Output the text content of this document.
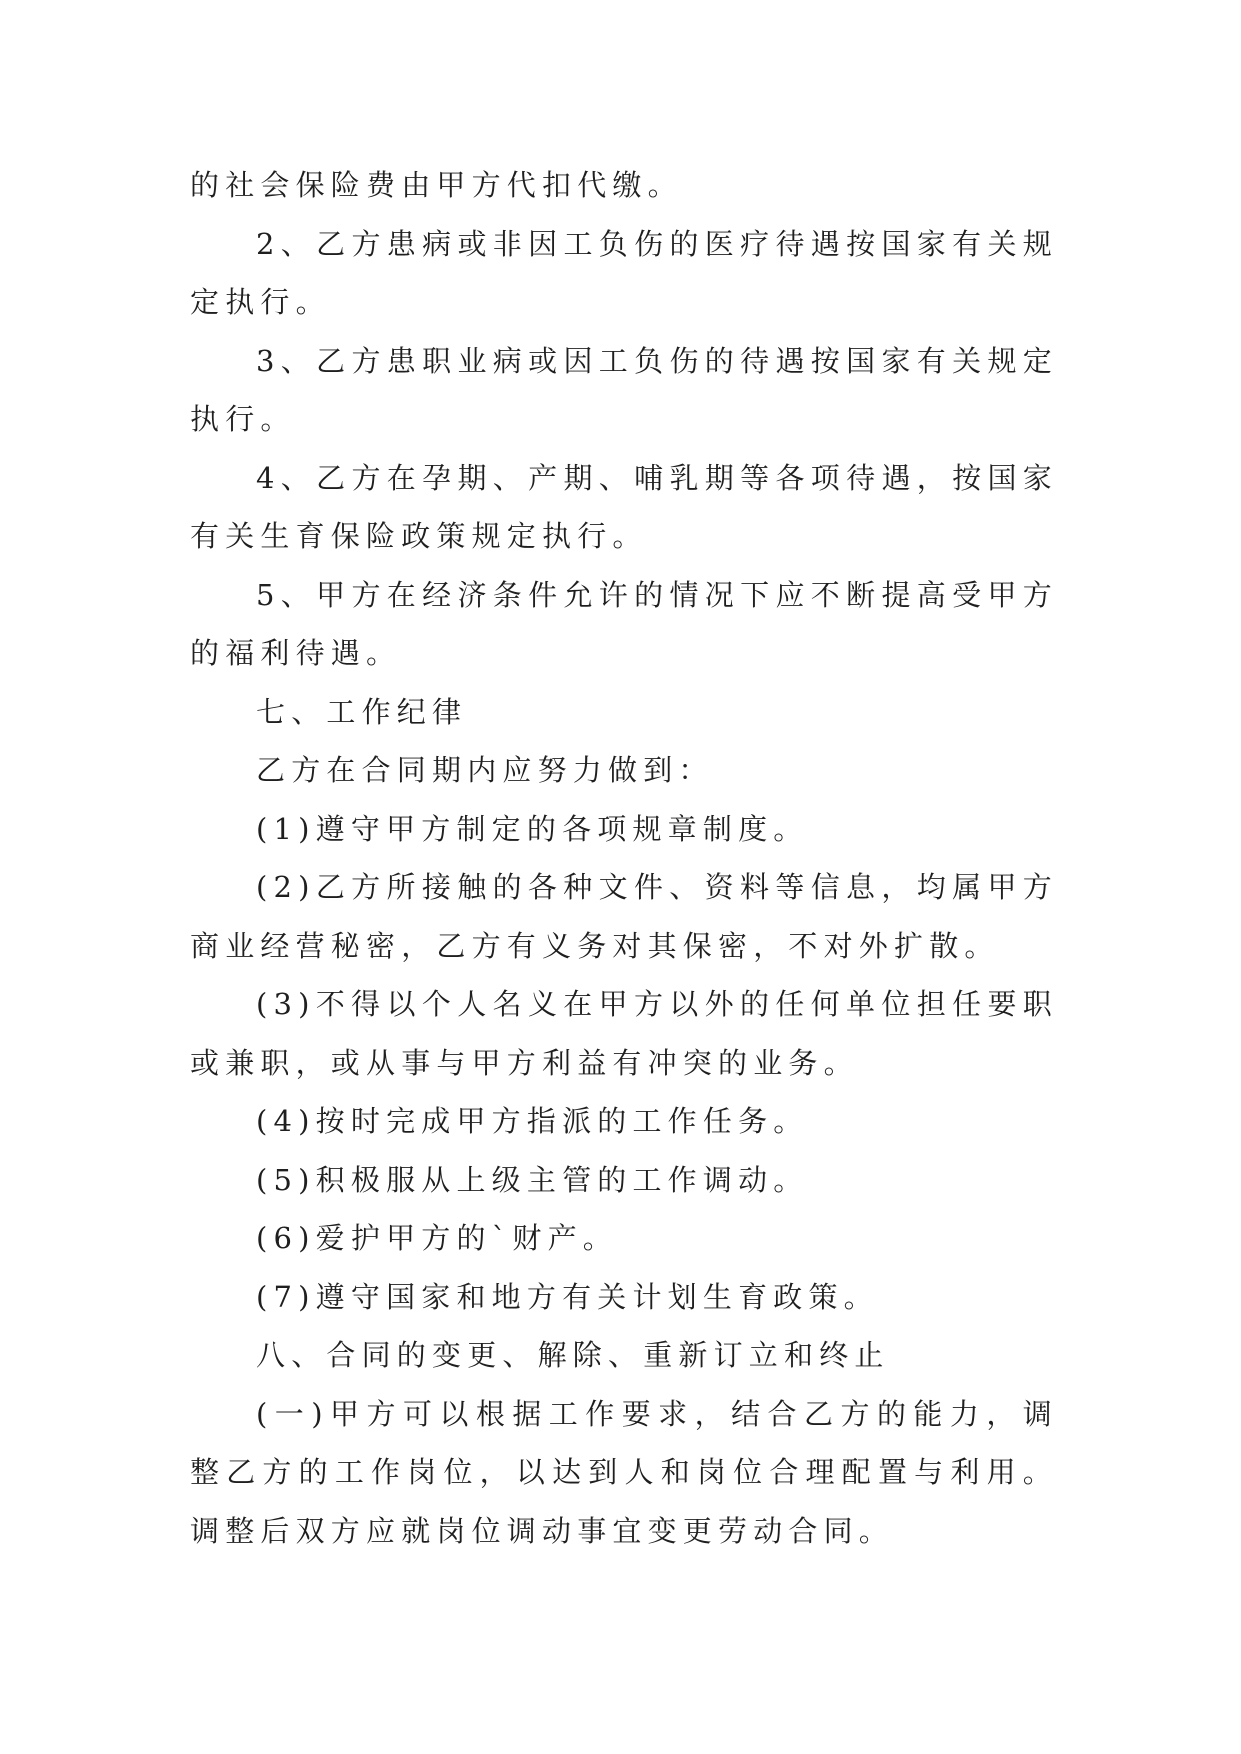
的社会保险费由甲方代扣代缴。

2、乙方患病或非因工负伤的医疗待遇按国家有关规定执行。

3、乙方患职业病或因工负伤的待遇按国家有关规定执行。

4、乙方在孕期、产期、哺乳期等各项待遇，按国家有关生育保险政策规定执行。

5、甲方在经济条件允许的情况下应不断提高受甲方的福利待遇。

七、工作纪律

乙方在合同期内应努力做到：

(1)遵守甲方制定的各项规章制度。

(2)乙方所接触的各种文件、资料等信息，均属甲方商业经营秘密，乙方有义务对其保密，不对外扩散。

(3)不得以个人名义在甲方以外的任何单位担任要职或兼职，或从事与甲方利益有冲突的业务。

(4)按时完成甲方指派的工作任务。

(5)积极服从上级主管的工作调动。

(6)爱护甲方的`财产。

(7)遵守国家和地方有关计划生育政策。

八、合同的变更、解除、重新订立和终止

(一)甲方可以根据工作要求，结合乙方的能力，调整乙方的工作岗位，以达到人和岗位合理配置与利用。调整后双方应就岗位调动事宜变更劳动合同。
